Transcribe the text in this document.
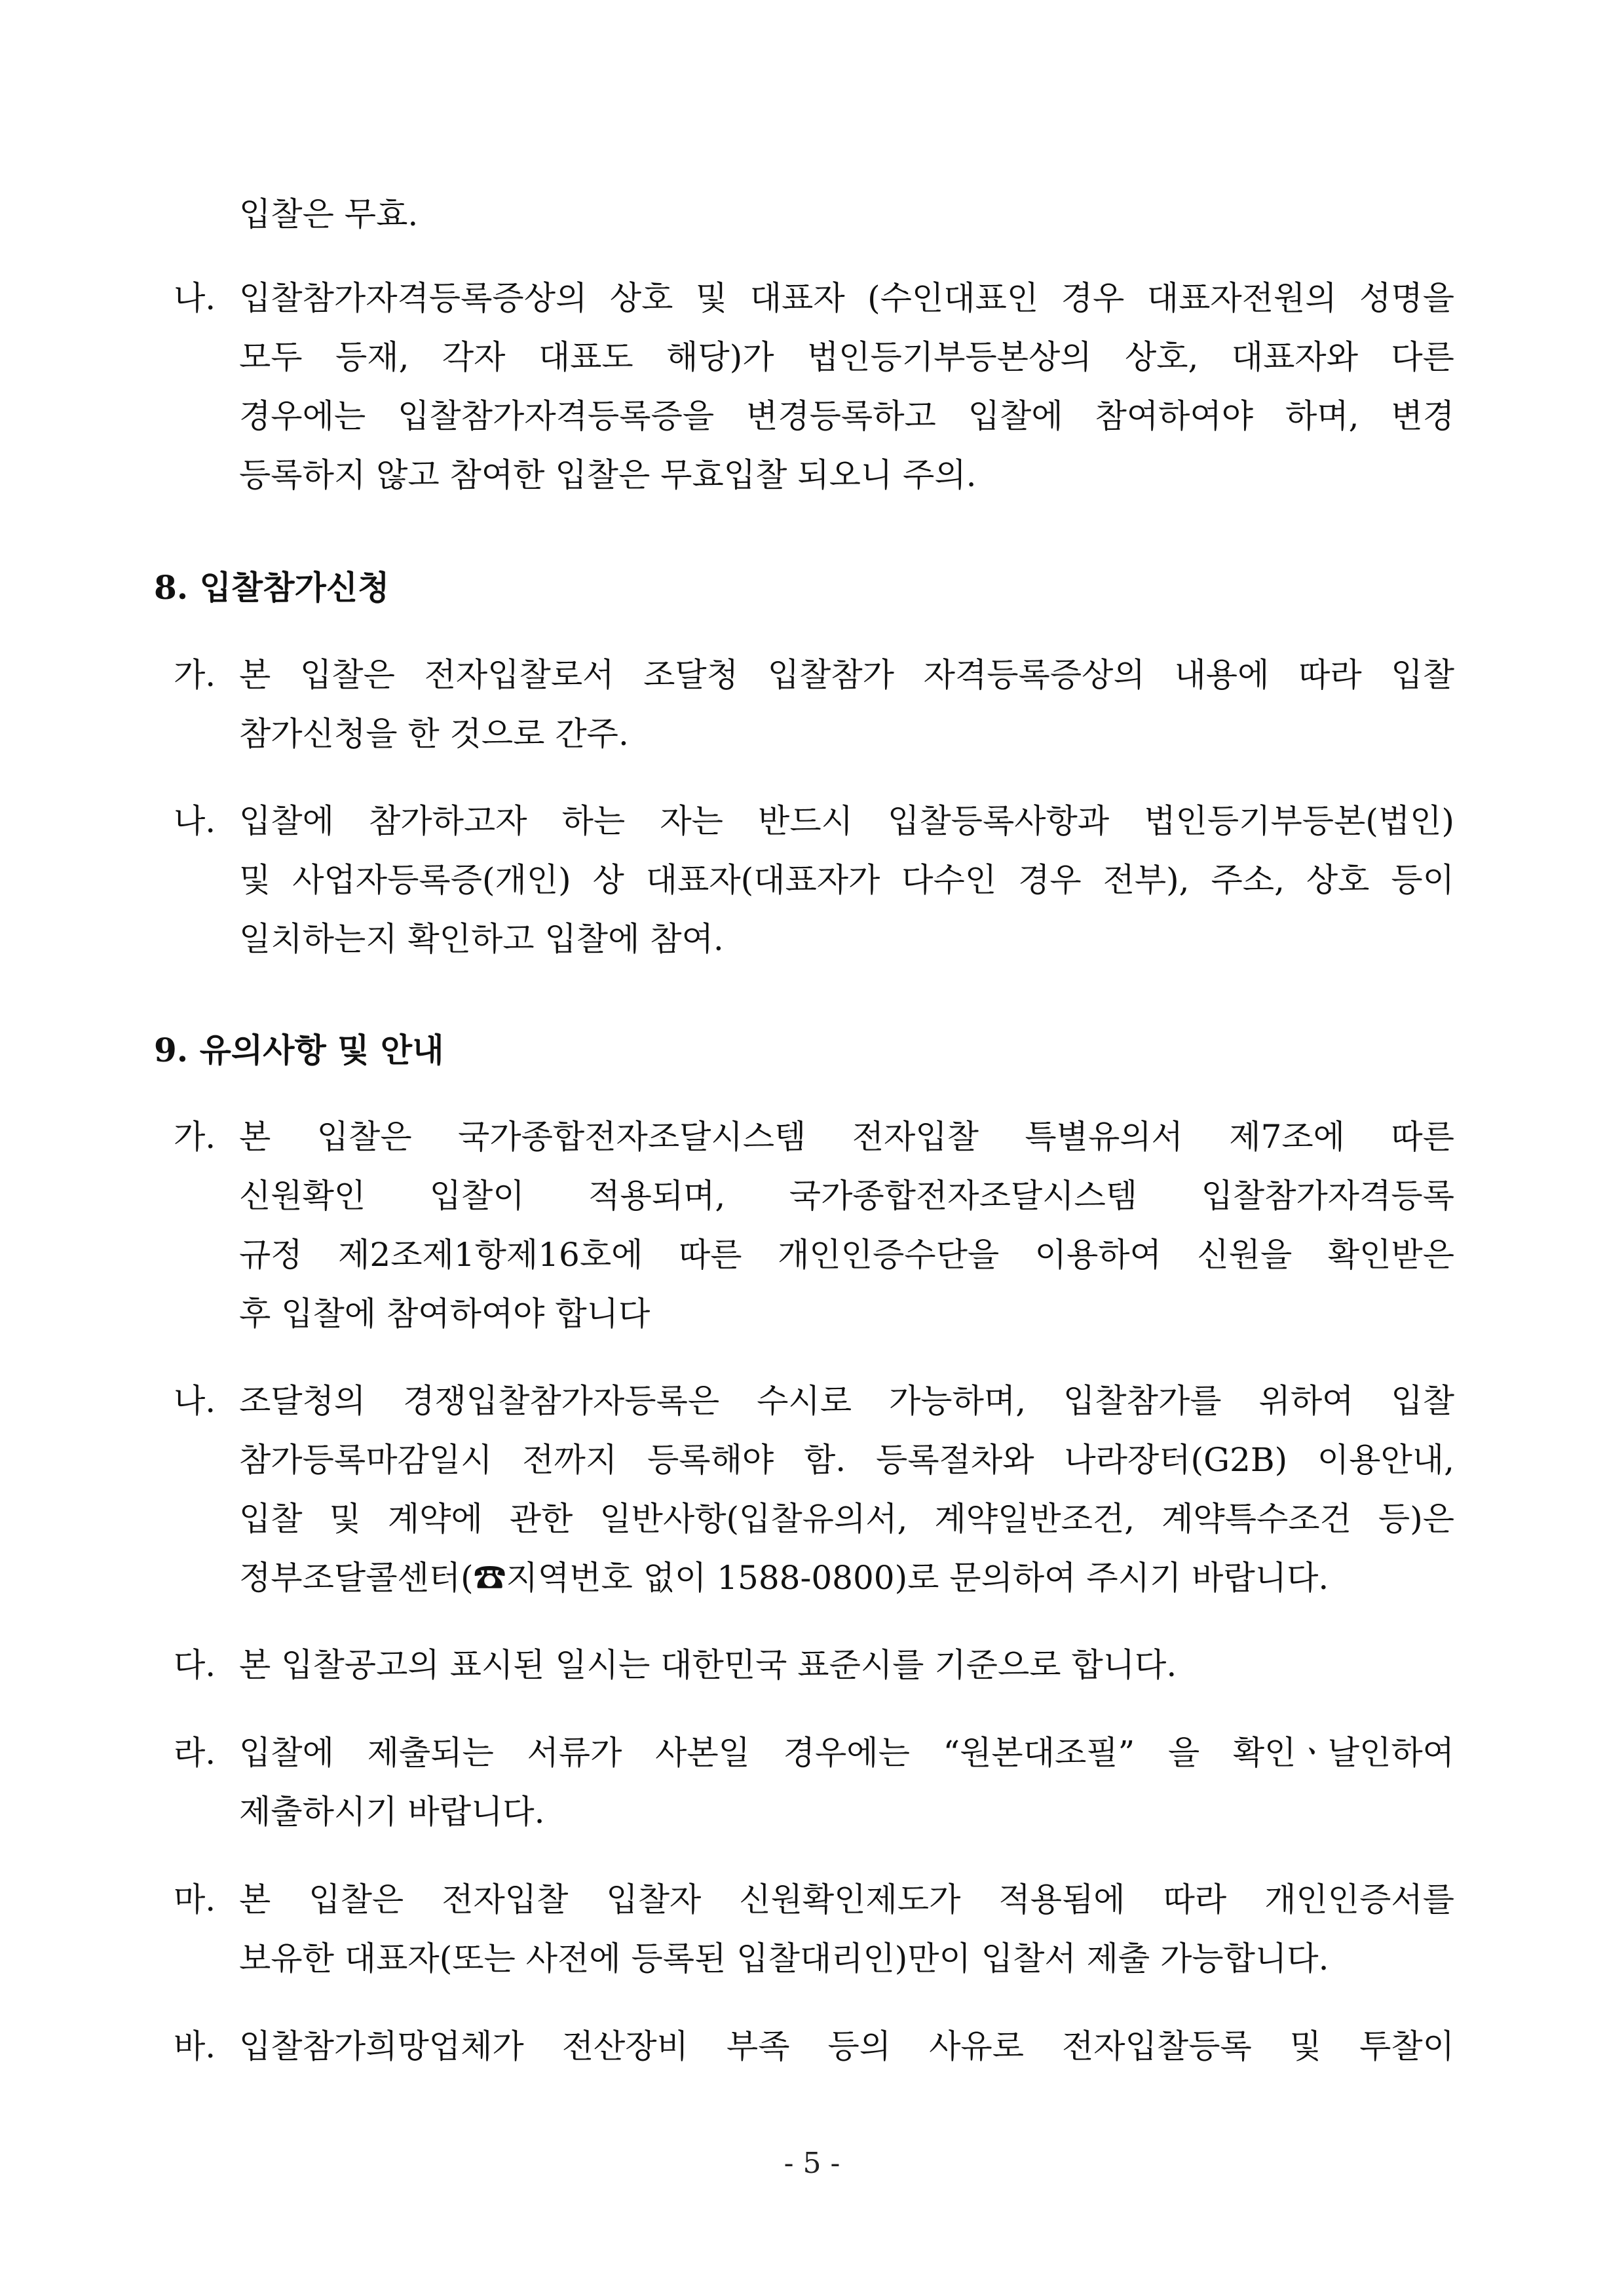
입찰은 무효.

나. 입찰참가자격등록증상의 상호 및 대표자 (수인대표인 경우 대표자전원의 성명을

모두 등재, 각자 대표도 해당)가 법인등기부등본상의 상호, 대표자와 다른

경우에는 입찰참가자격등록증을 변경등록하고 입찰에 참여하여야 하며, 변경

등록하지 않고 참여한 입찰은 무효입찰 되오니 주의.

8. 입찰참가신청

가. 본 입찰은 전자입찰로서 조달청 입찰참가 자격등록증상의 내용에 따라 입찰

참가신청을 한 것으로 간주.

나. 입찰에 참가하고자 하는 자는 반드시 입찰등록사항과 법인등기부등본(법인)

및 사업자등록증(개인) 상 대표자(대표자가 다수인 경우 전부), 주소, 상호 등이

일치하는지 확인하고 입찰에 참여.

9. 유의사항 및 안내

가. 본 입찰은 국가종합전자조달시스템 전자입찰 특별유의서 제7조에 따른

신원확인 입찰이 적용되며, 국가종합전자조달시스템 입찰참가자격등록

규정 제2조제1항제16호에 따른 개인인증수단을 이용하여 신원을 확인받은

후 입찰에 참여하여야 합니다

나. 조달청의 경쟁입찰참가자등록은 수시로 가능하며, 입찰참가를 위하여 입찰

참가등록마감일시 전까지 등록해야 함. 등록절차와 나라장터(G2B) 이용안내,

입찰 및 계약에 관한 일반사항(입찰유의서, 계약일반조건, 계약특수조건 등)은

정부조달콜센터(☎지역번호 없이 1588-0800)로 문의하여 주시기 바랍니다.

다. 본 입찰공고의 표시된 일시는 대한민국 표준시를 기준으로 합니다.

라. 입찰에 제출되는 서류가 사본일 경우에는 “원본대조필” 을 확인ㆍ날인하여

제출하시기 바랍니다.

마. 본 입찰은 전자입찰 입찰자 신원확인제도가 적용됨에 따라 개인인증서를

보유한 대표자(또는 사전에 등록된 입찰대리인)만이 입찰서 제출 가능합니다.

바. 입찰참가희망업체가 전산장비 부족 등의 사유로 전자입찰등록 및 투찰이

- 5 -
